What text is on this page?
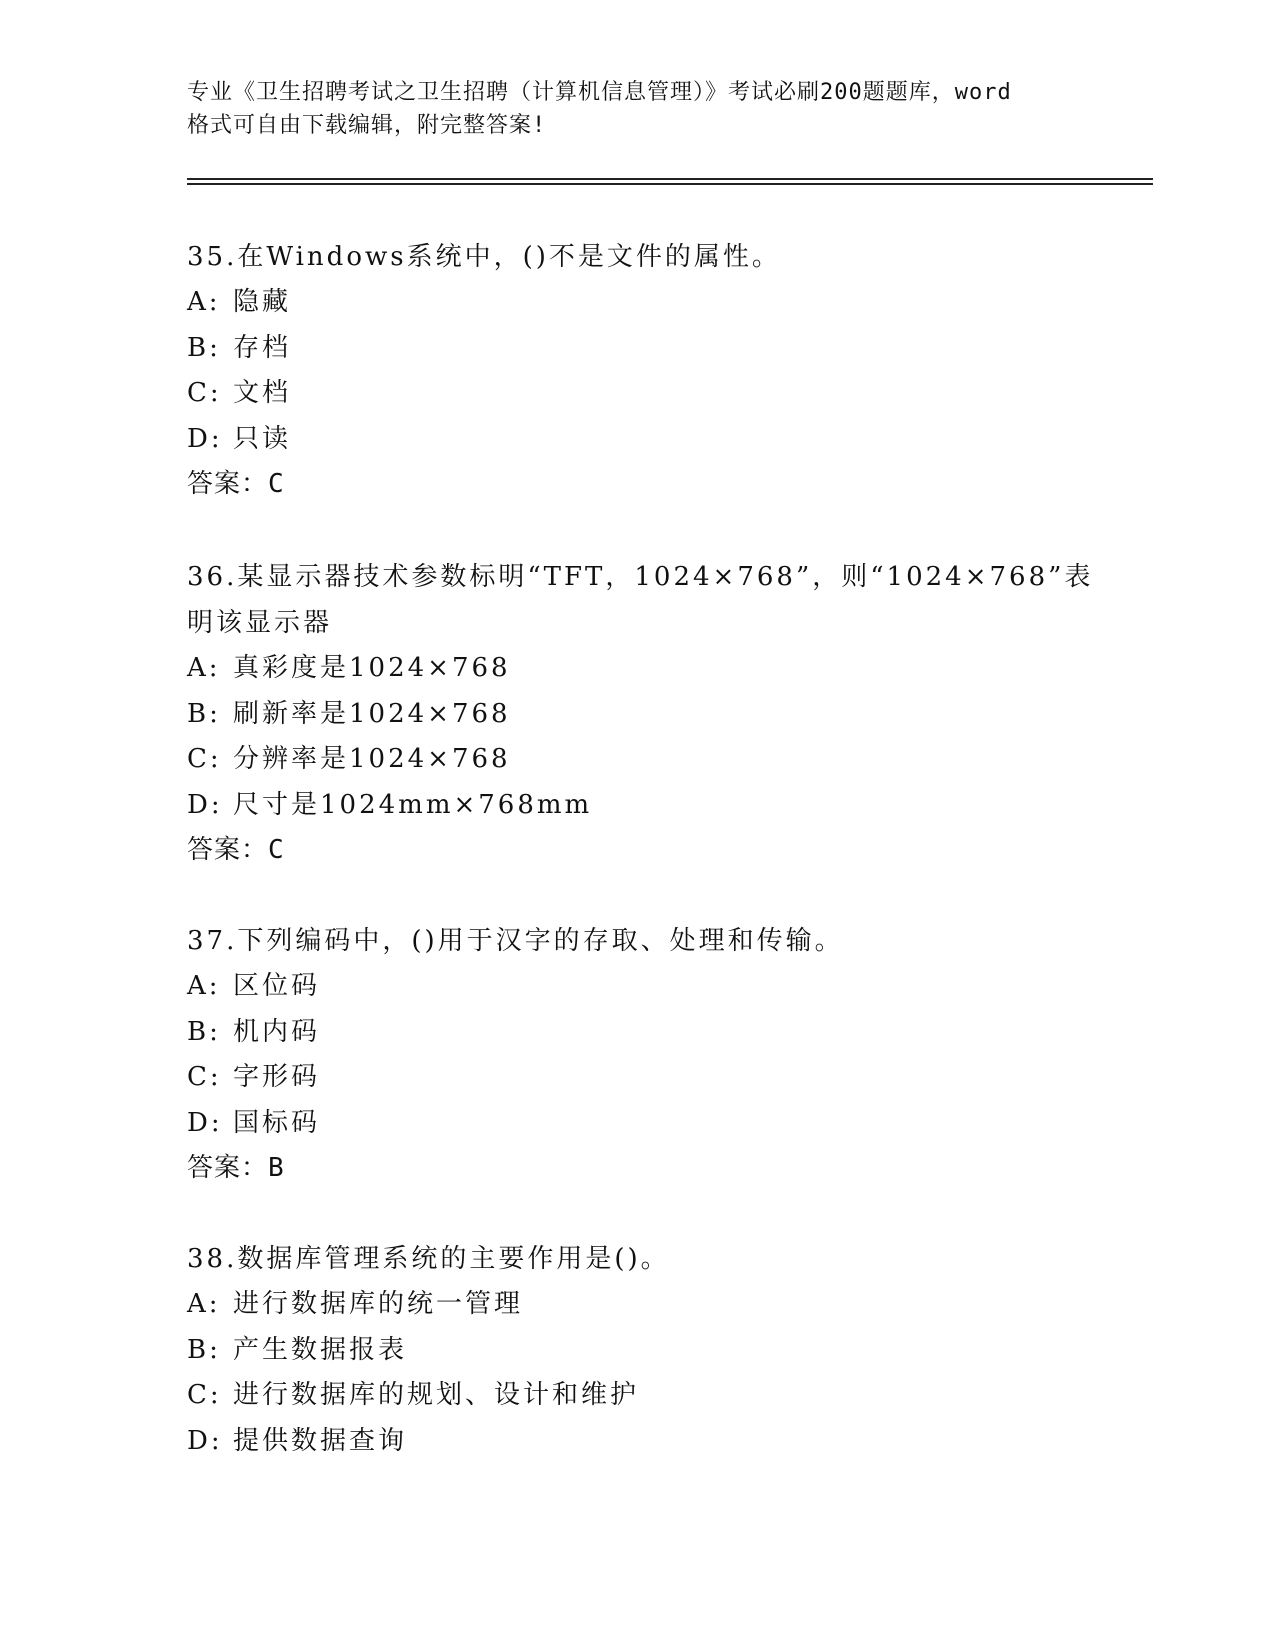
专业《卫生招聘考试之卫生招聘（计算机信息管理）》考试必刷200题题库，word
格式可自由下载编辑，附完整答案!

35.在Windows系统中，()不是文件的属性。

A: 隐藏

B: 存档

C: 文档

D: 只读

答案：C

36.某显示器技术参数标明“TFT，1024×768”，则“1024×768”表明该显示器

A: 真彩度是1024×768

B: 刷新率是1024×768

C: 分辨率是1024×768

D: 尺寸是1024mm×768mm

答案：C

37.下列编码中，()用于汉字的存取、处理和传输。

A: 区位码

B: 机内码

C: 字形码

D: 国标码

答案：B

38.数据库管理系统的主要作用是()。

A: 进行数据库的统一管理

B: 产生数据报表

C: 进行数据库的规划、设计和维护

D: 提供数据查询
